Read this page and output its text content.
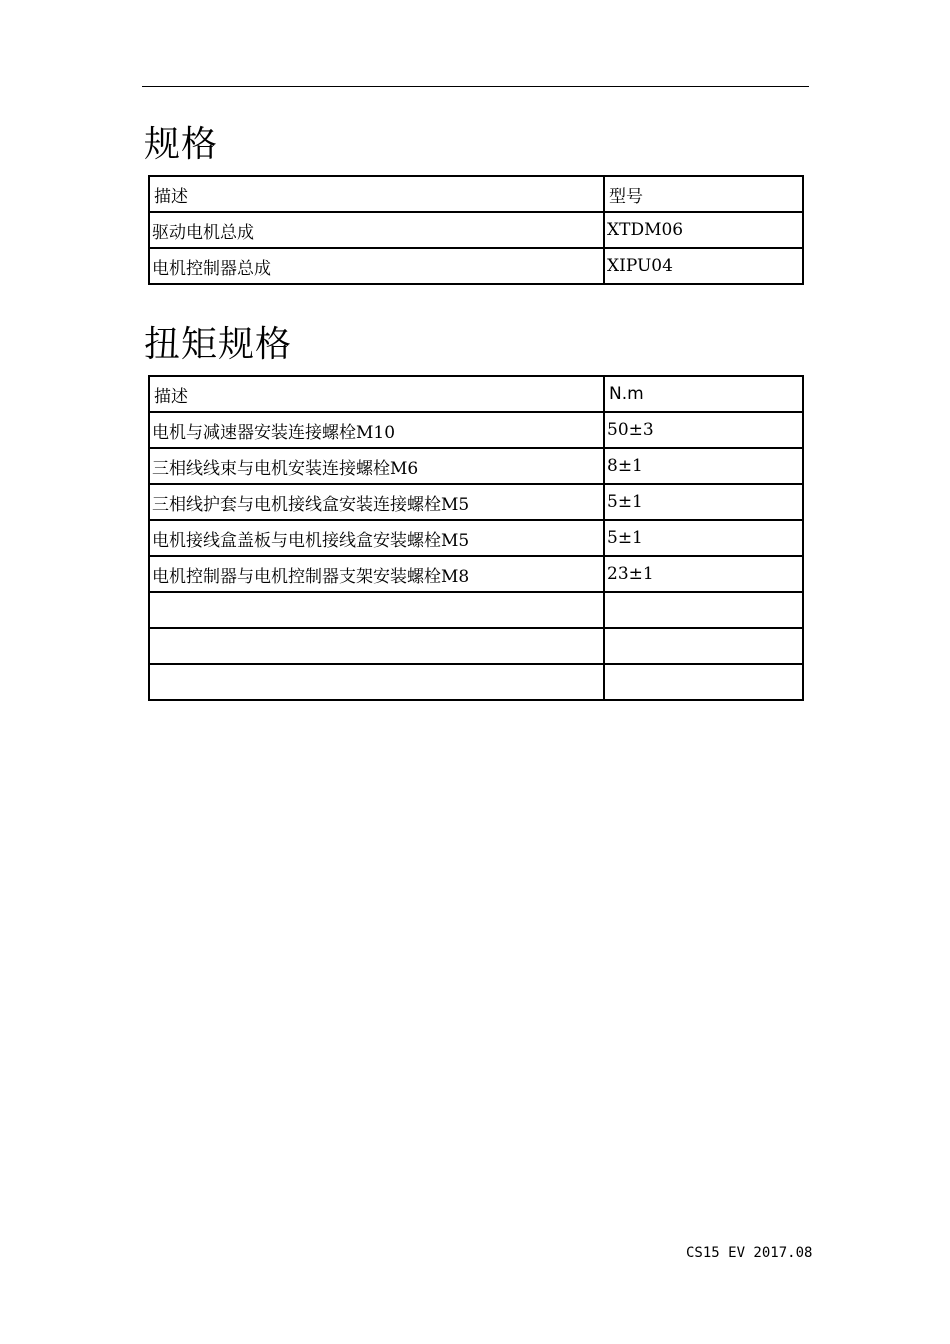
规格
描述	型号
驱动电机总成	XTDM06
电机控制器总成	XIPU04
扭矩规格
描述	N.m
电机与减速器安装连接螺栓M10	50±3
三相线线束与电机安装连接螺栓M6	8±1
三相线护套与电机接线盒安装连接螺栓M5	5±1
电机接线盒盖板与电机接线盒安装螺栓M5	5±1
电机控制器与电机控制器支架安装螺栓M8	23±1

CS15 EV 2017.08
